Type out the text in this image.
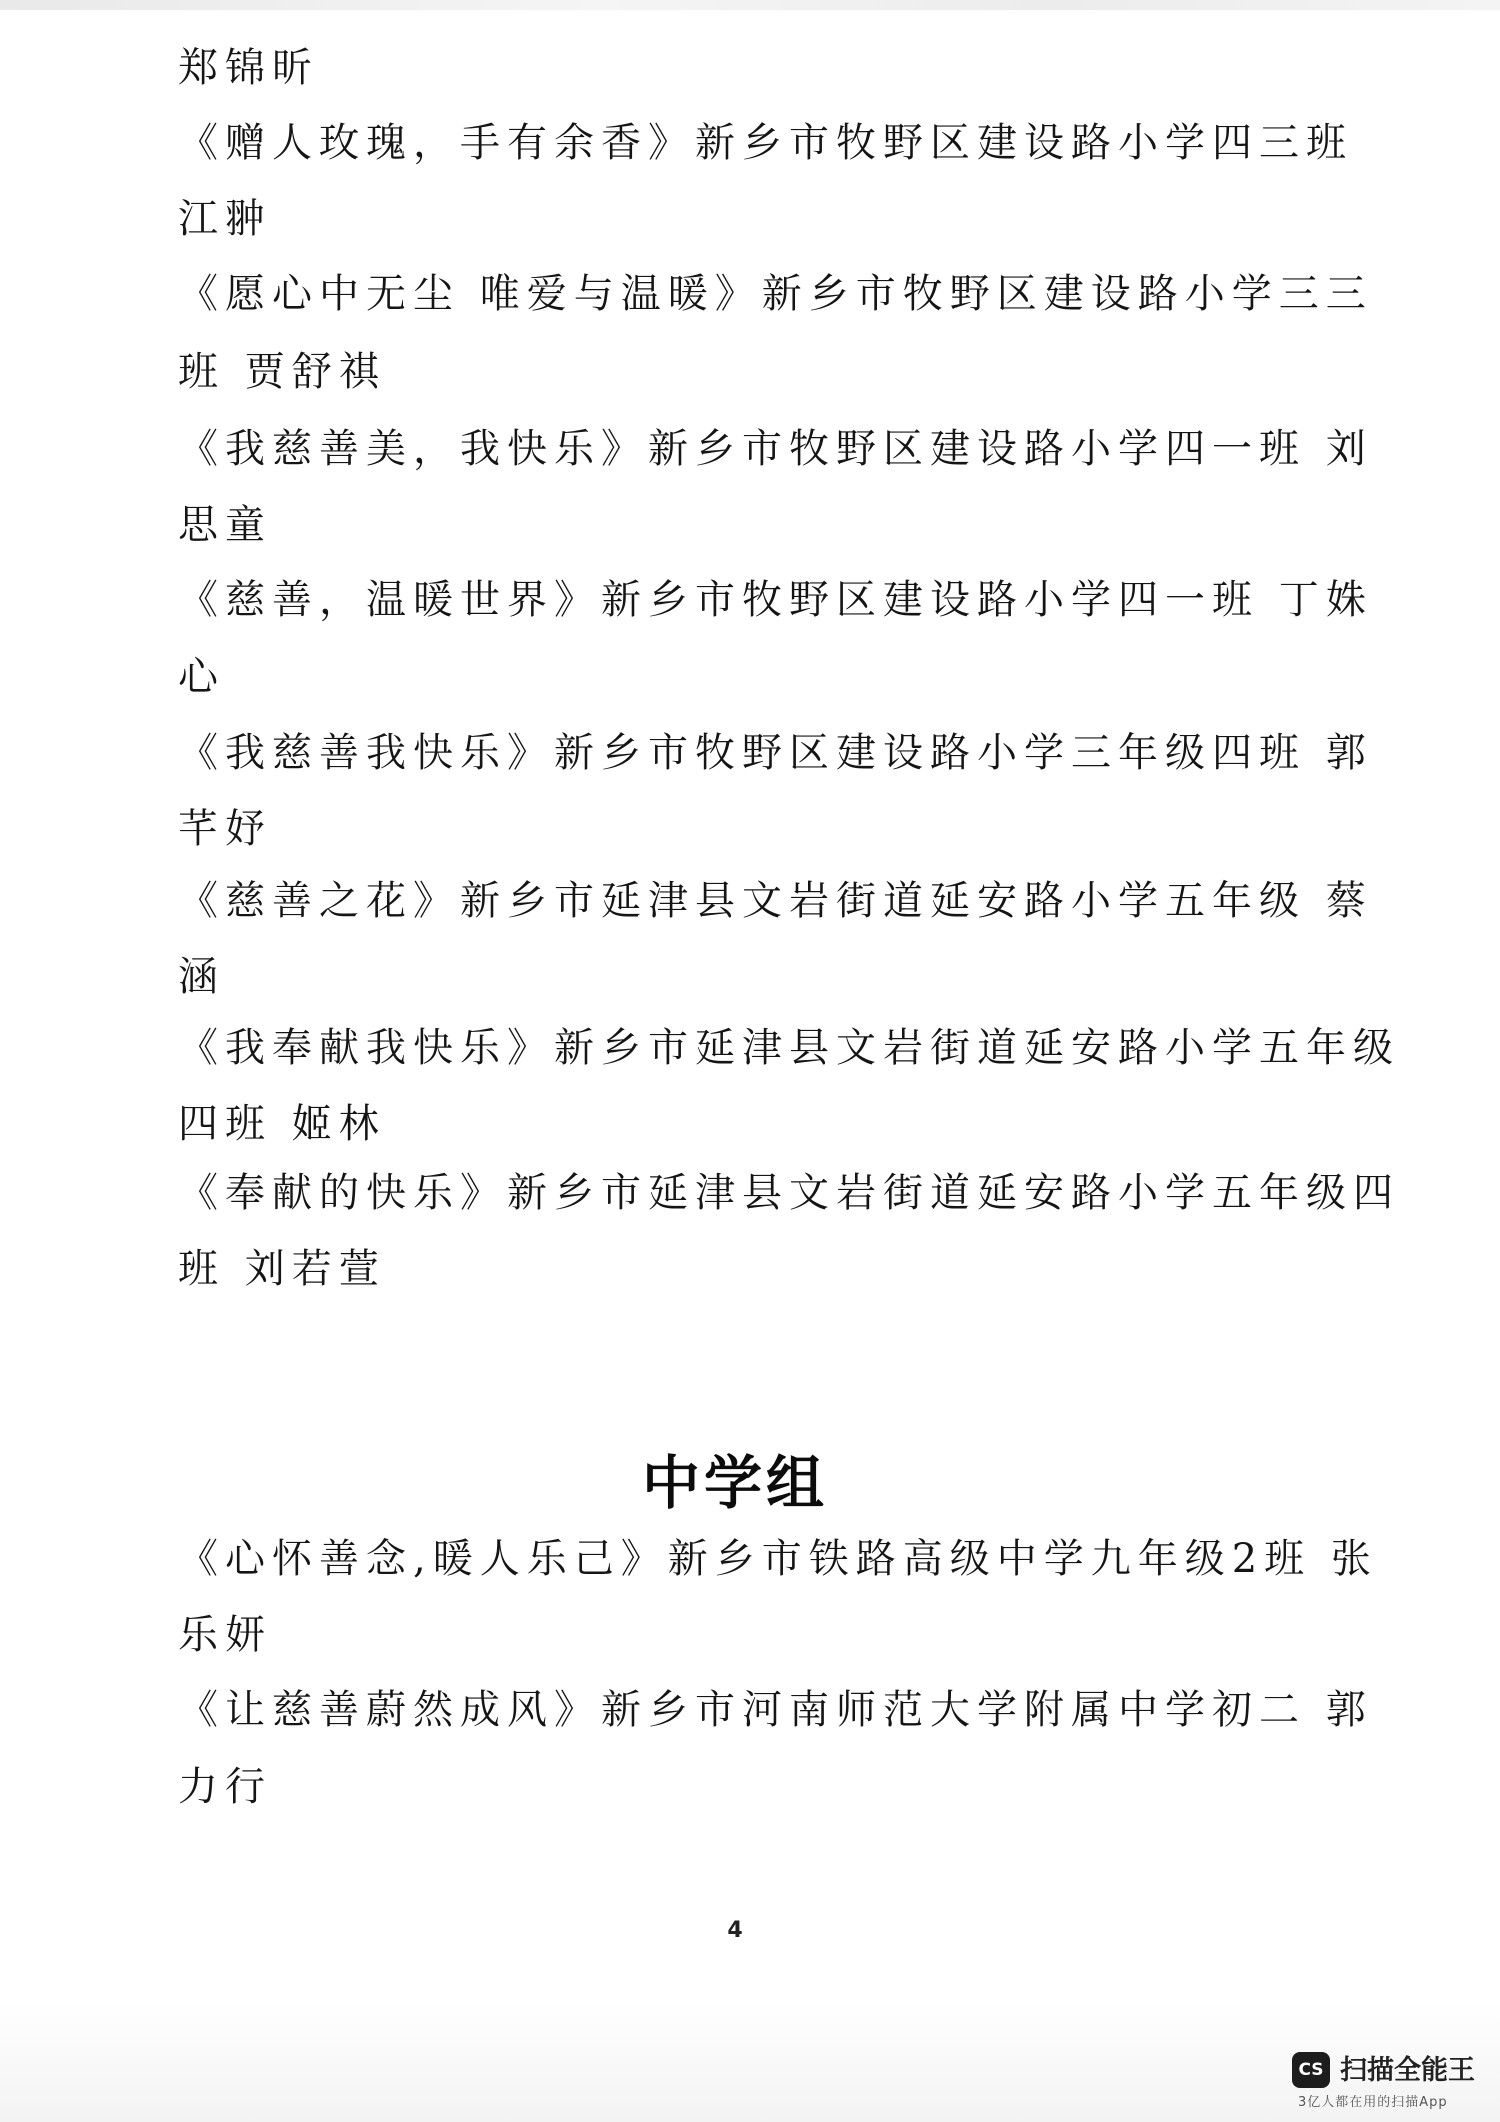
郑锦昕
《赠人玫瑰，手有余香》新乡市牧野区建设路小学四三班
江翀
《愿心中无尘 唯爱与温暖》新乡市牧野区建设路小学三三
班 贾舒祺
《我慈善美，我快乐》新乡市牧野区建设路小学四一班 刘
思童
《慈善，温暖世界》新乡市牧野区建设路小学四一班 丁姝
心
《我慈善我快乐》新乡市牧野区建设路小学三年级四班 郭
芊妤
《慈善之花》新乡市延津县文岩街道延安路小学五年级 蔡
涵
《我奉献我快乐》新乡市延津县文岩街道延安路小学五年级
四班 姬林
《奉献的快乐》新乡市延津县文岩街道延安路小学五年级四
班 刘若萱
中学组
《心怀善念,暖人乐己》新乡市铁路高级中学九年级2班 张
乐妍
《让慈善蔚然成风》新乡市河南师范大学附属中学初二 郭
力行
4
CS 扫描全能王
3亿人都在用的扫描App
